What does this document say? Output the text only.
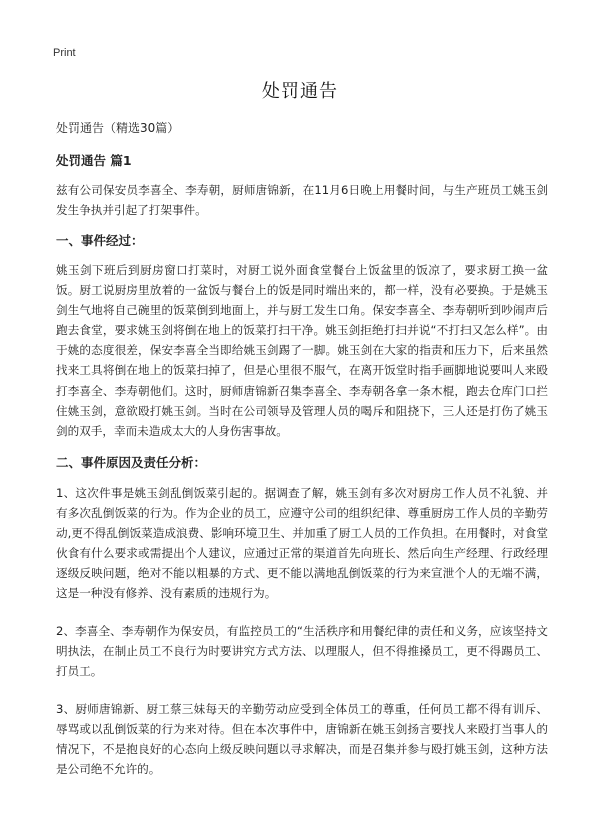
Print
处罚通告
处罚通告（精选30篇）
处罚通告 篇1

兹有公司保安员李喜全、李寿朝，厨师唐锦新，在11月6日晚上用餐时间，与生产班员工姚玉剑发生争执并引起了打架事件。

一、事件经过：

姚玉剑下班后到厨房窗口打菜时，对厨工说外面食堂餐台上饭盆里的饭凉了，要求厨工换一盆饭。厨工说厨房里放着的一盆饭与餐台上的饭是同时端出来的，都一样，没有必要换。于是姚玉剑生气地将自己碗里的饭菜倒到地面上，并与厨工发生口角。保安李喜全、李寿朝听到吵闹声后跑去食堂，要求姚玉剑将倒在地上的饭菜打扫干净。姚玉剑拒绝打扫并说“不打扫又怎么样”。由于姚的态度很差，保安李喜全当即给姚玉剑踢了一脚。姚玉剑在大家的指责和压力下，后来虽然找来工具将倒在地上的饭菜扫掉了，但是心里很不服气，在离开饭堂时指手画脚地说要叫人来殴打李喜全、李寿朝他们。这时，厨师唐锦新召集李喜全、李寿朝各拿一条木棍，跑去仓库门口拦住姚玉剑，意欲殴打姚玉剑。当时在公司领导及管理人员的喝斥和阻挠下，三人还是打伤了姚玉剑的双手，幸而未造成太大的人身伤害事故。

二、事件原因及责任分析：

1、这次件事是姚玉剑乱倒饭菜引起的。据调查了解，姚玉剑有多次对厨房工作人员不礼貌、并有多次乱倒饭菜的行为。作为企业的员工，应遵守公司的组织纪律、尊重厨房工作人员的辛勤劳动,更不得乱倒饭菜造成浪费、影响环境卫生、并加重了厨工人员的工作负担。在用餐时，对食堂伙食有什么要求或需提出个人建议，应通过正常的渠道首先向班长、然后向生产经理、行政经理逐级反映问题，绝对不能以粗暴的方式、更不能以满地乱倒饭菜的行为来宣泄个人的无端不满，这是一种没有修养、没有素质的违规行为。

2、李喜全、李寿朝作为保安员，有监控员工的“生活秩序和用餐纪律的责任和义务，应该坚持文明执法，在制止员工不良行为时要讲究方式方法、以理服人，但不得推搡员工，更不得踢员工、打员工。

3、厨师唐锦新、厨工蔡三妹每天的辛勤劳动应受到全体员工的尊重，任何员工都不得有训斥、辱骂或以乱倒饭菜的行为来对待。但在本次事件中，唐锦新在姚玉剑扬言要找人来殴打当事人的情况下，不是抱良好的心态向上级反映问题以寻求解决，而是召集并参与殴打姚玉剑，这种方法是公司绝不允许的。
